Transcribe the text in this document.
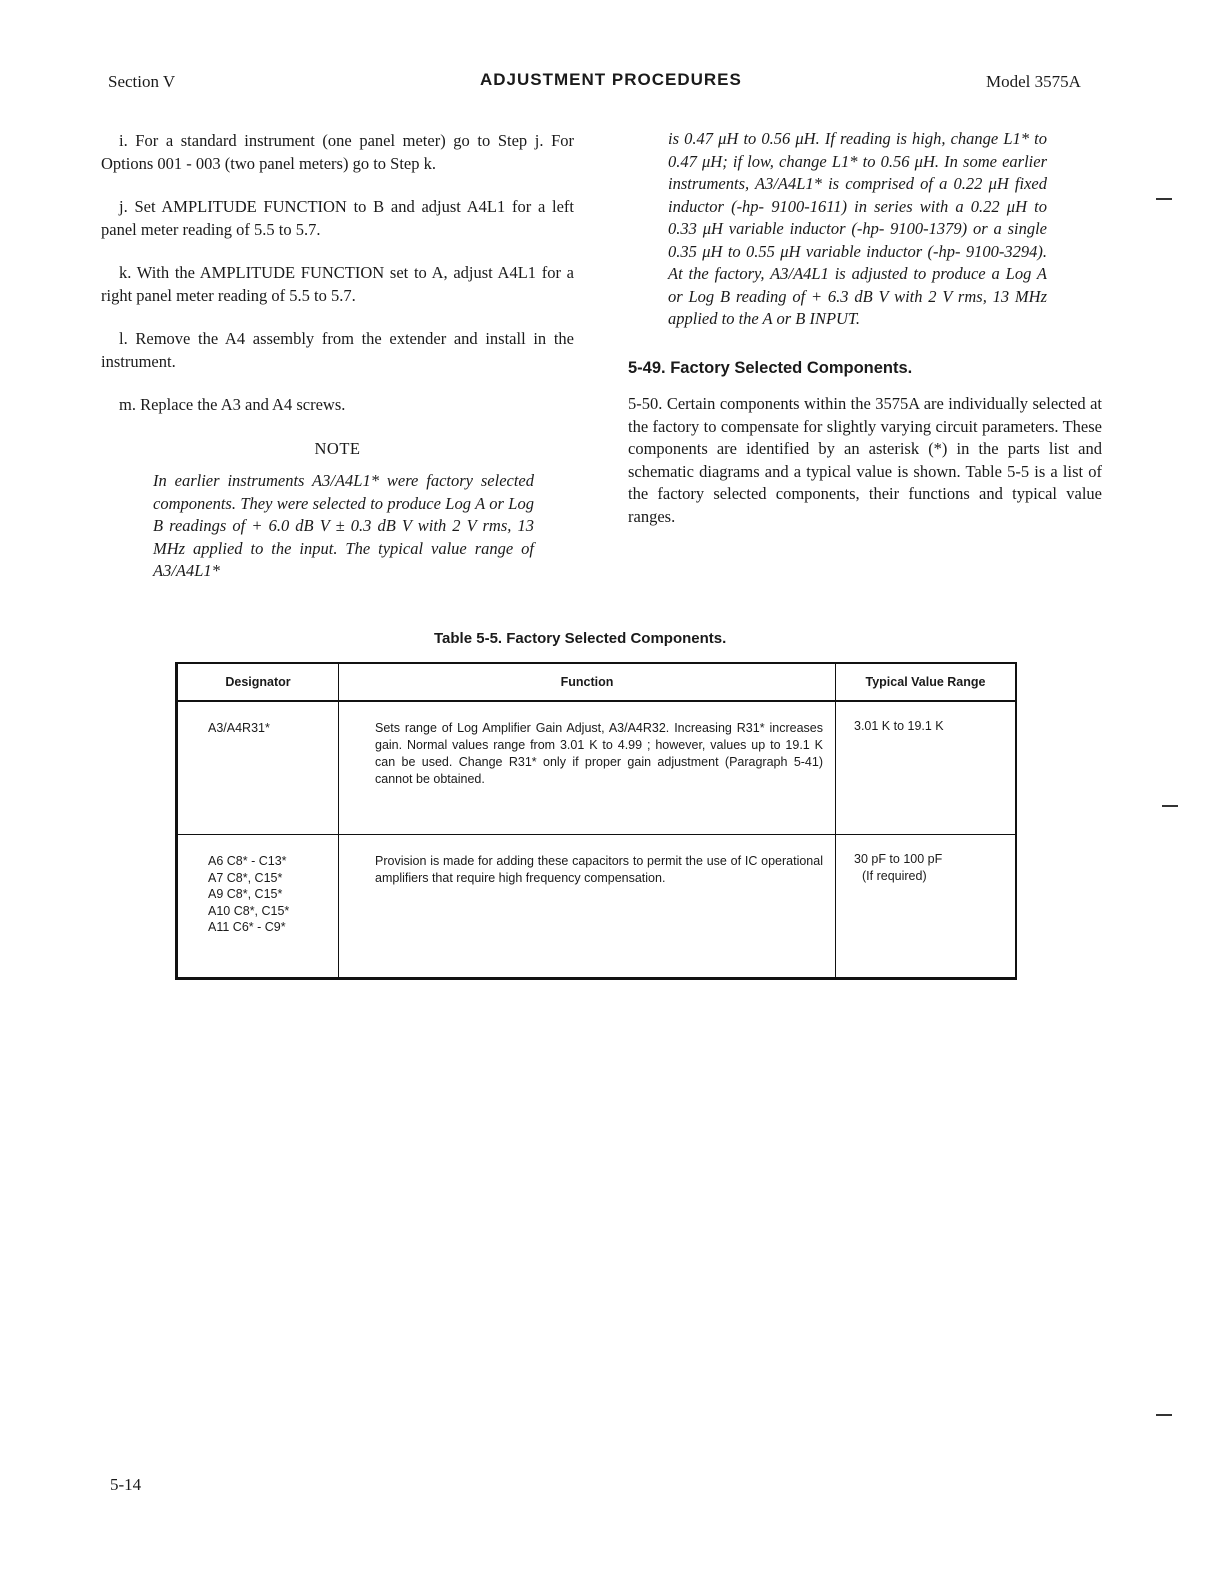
Section V	ADJUSTMENT PROCEDURES	Model 3575A

i. For a standard instrument (one panel meter) go to Step j. For Options 001 - 003 (two panel meters) go to Step k.

j. Set AMPLITUDE FUNCTION to B and adjust A4L1 for a left panel meter reading of 5.5 to 5.7.

k. With the AMPLITUDE FUNCTION set to A, adjust A4L1 for a right panel meter reading of 5.5 to 5.7.

l. Remove the A4 assembly from the extender and install in the instrument.

m. Replace the A3 and A4 screws.

NOTE
In earlier instruments A3/A4L1* were factory selected components. They were selected to produce Log A or Log B readings of + 6.0 dB V ± 0.3 dB V with 2 V rms, 13 MHz applied to the input. The typical value range of A3/A4L1*
is 0.47 μH to 0.56 μH. If reading is high, change L1* to 0.47 μH; if low, change L1* to 0.56 μH. In some earlier instruments, A3/A4L1* is comprised of a 0.22 μH fixed inductor (-hp- 9100-1611) in series with a 0.22 μH to 0.33 μH variable inductor (-hp- 9100-1379) or a single 0.35 μH to 0.55 μH variable inductor (-hp- 9100-3294). At the factory, A3/A4L1 is adjusted to produce a Log A or Log B reading of + 6.3 dB V with 2 V rms, 13 MHz applied to the A or B INPUT.
5-49. Factory Selected Components.

5-50. Certain components within the 3575A are individually selected at the factory to compensate for slightly varying circuit parameters. These components are identified by an asterisk (*) in the parts list and schematic diagrams and a typical value is shown. Table 5-5 is a list of the factory selected components, their functions and typical value ranges.

Table 5-5. Factory Selected Components.
Designator	Function	Typical Value Range

A3/A4R31*	Sets range of Log Amplifier Gain Adjust, A3/A4R32. Increasing R31* increases gain. Normal values range from 3.01 K to 4.99 ; however, values up to 19.1 K can be used. Change R31* only if proper gain adjustment (Paragraph 5-41) cannot be obtained.	3.01 K to 19.1 K

A6 C8* - C13*
A7 C8*, C15*
A9 C8*, C15*
A10 C8*, C15*
A11 C6* - C9*	Provision is made for adding these capacitors to permit the use of IC operational amplifiers that require high frequency compensation.	30 pF to 100 pF
(If required)
5-14
